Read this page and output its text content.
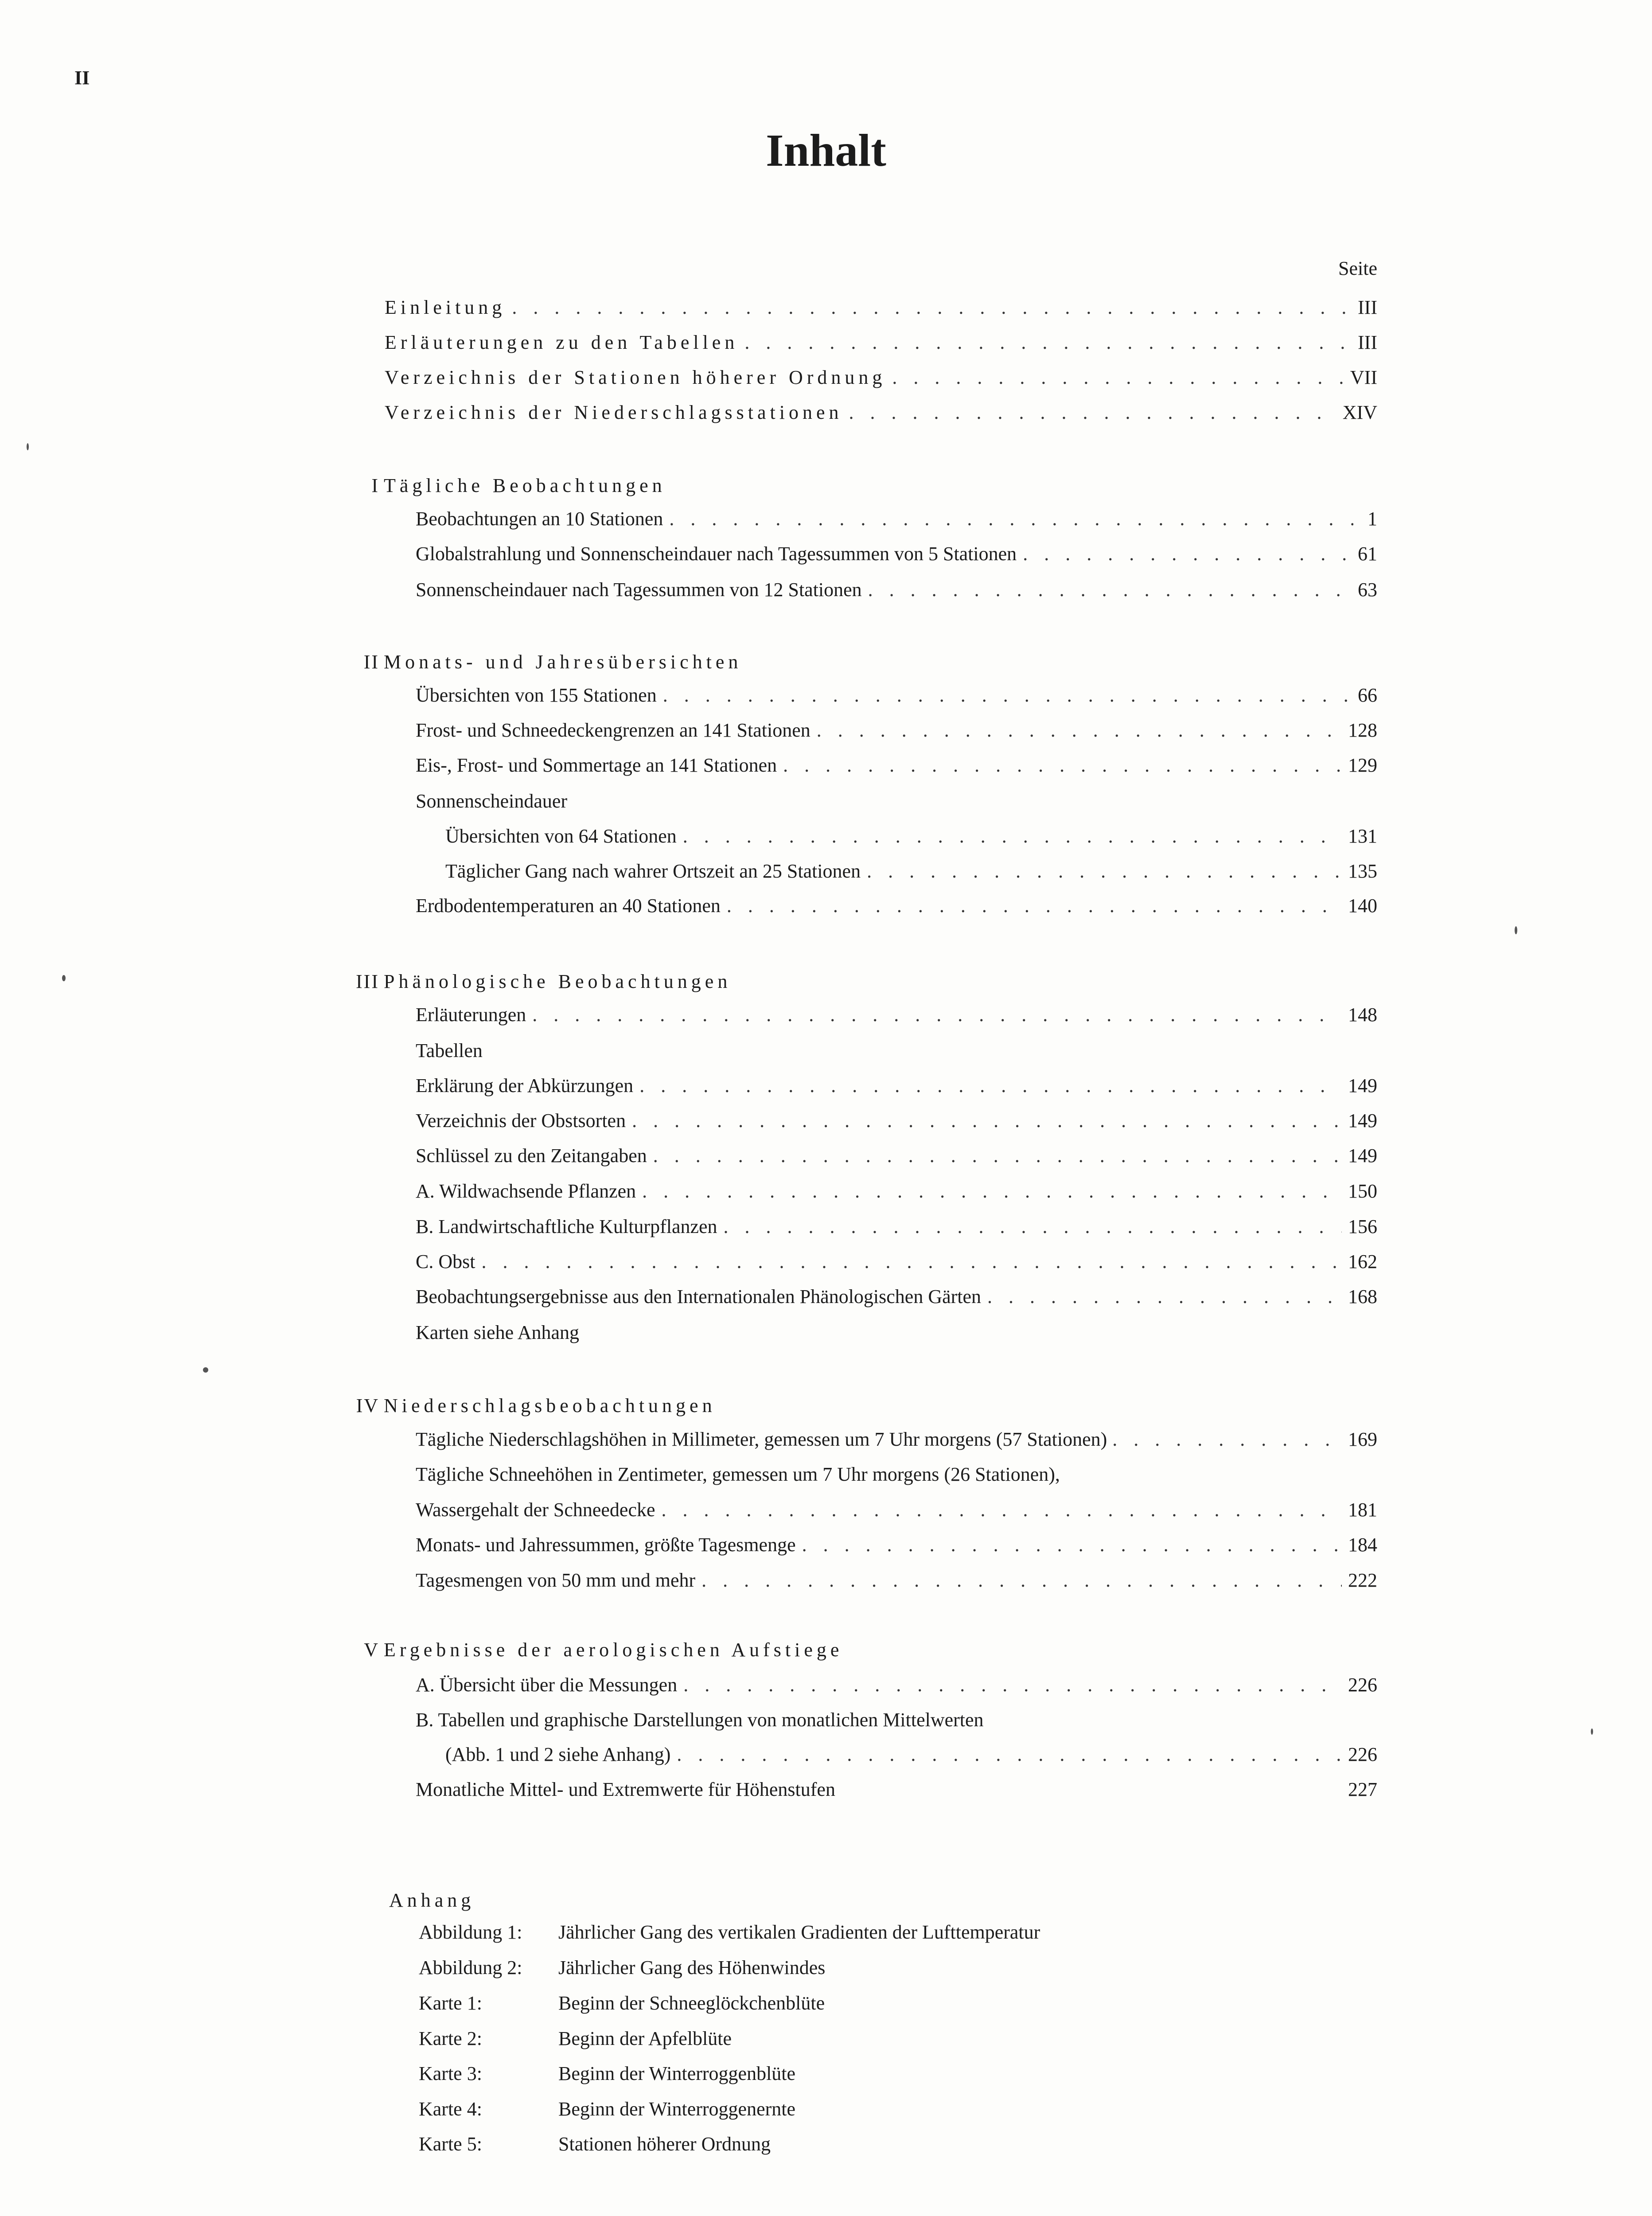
II
Inhalt
Seite
Einleitung . . .	III
Erläuterungen zu den Tabellen . . .	III
Verzeichnis der Stationen höherer Ordnung . . .	VII
Verzeichnis der Niederschlagsstationen . . .	XIV
I Tägliche Beobachtungen
Beobachtungen an 10 Stationen . . .	1
Globalstrahlung und Sonnenscheindauer nach Tagessummen von 5 Stationen . . .	61
Sonnenscheindauer nach Tagessummen von 12 Stationen . . .	63
II Monats- und Jahresübersichten
Übersichten von 155 Stationen . . .	66
Frost- und Schneedeckengrenzen an 141 Stationen . . .	128
Eis-, Frost- und Sommertage an 141 Stationen . . .	129
Sonnenscheindauer
Übersichten von 64 Stationen . . .	131
Täglicher Gang nach wahrer Ortszeit an 25 Stationen . . .	135
Erdbodentemperaturen an 40 Stationen . . .	140
III Phänologische Beobachtungen
Erläuterungen . . .	148
Tabellen
Erklärung der Abkürzungen . . .	149
Verzeichnis der Obstsorten . . .	149
Schlüssel zu den Zeitangaben . . .	149
A. Wildwachsende Pflanzen . . .	150
B. Landwirtschaftliche Kulturpflanzen . . .	156
C. Obst . . .	162
Beobachtungsergebnisse aus den Internationalen Phänologischen Gärten . . .	168
Karten siehe Anhang
IV Niederschlagsbeobachtungen
Tägliche Niederschlagshöhen in Millimeter, gemessen um 7 Uhr morgens (57 Stationen) . . .	169
Tägliche Schneehöhen in Zentimeter, gemessen um 7 Uhr morgens (26 Stationen),
Wassergehalt der Schneedecke . . .	181
Monats- und Jahressummen, größte Tagesmenge . . .	184
Tagesmengen von 50 mm und mehr . . .	222
V Ergebnisse der aerologischen Aufstiege
A. Übersicht über die Messungen . . .	226
B. Tabellen und graphische Darstellungen von monatlichen Mittelwerten
(Abb. 1 und 2 siehe Anhang) . . .	226
Monatliche Mittel- und Extremwerte für Höhenstufen	227
Anhang
Abbildung 1: Jährlicher Gang des vertikalen Gradienten der Lufttemperatur
Abbildung 2: Jährlicher Gang des Höhenwindes
Karte 1:	Beginn der Schneeglöckchenblüte
Karte 2:	Beginn der Apfelblüte
Karte 3:	Beginn der Winterroggenblüte
Karte 4:	Beginn der Winterroggenernte
Karte 5:	Stationen höherer Ordnung
